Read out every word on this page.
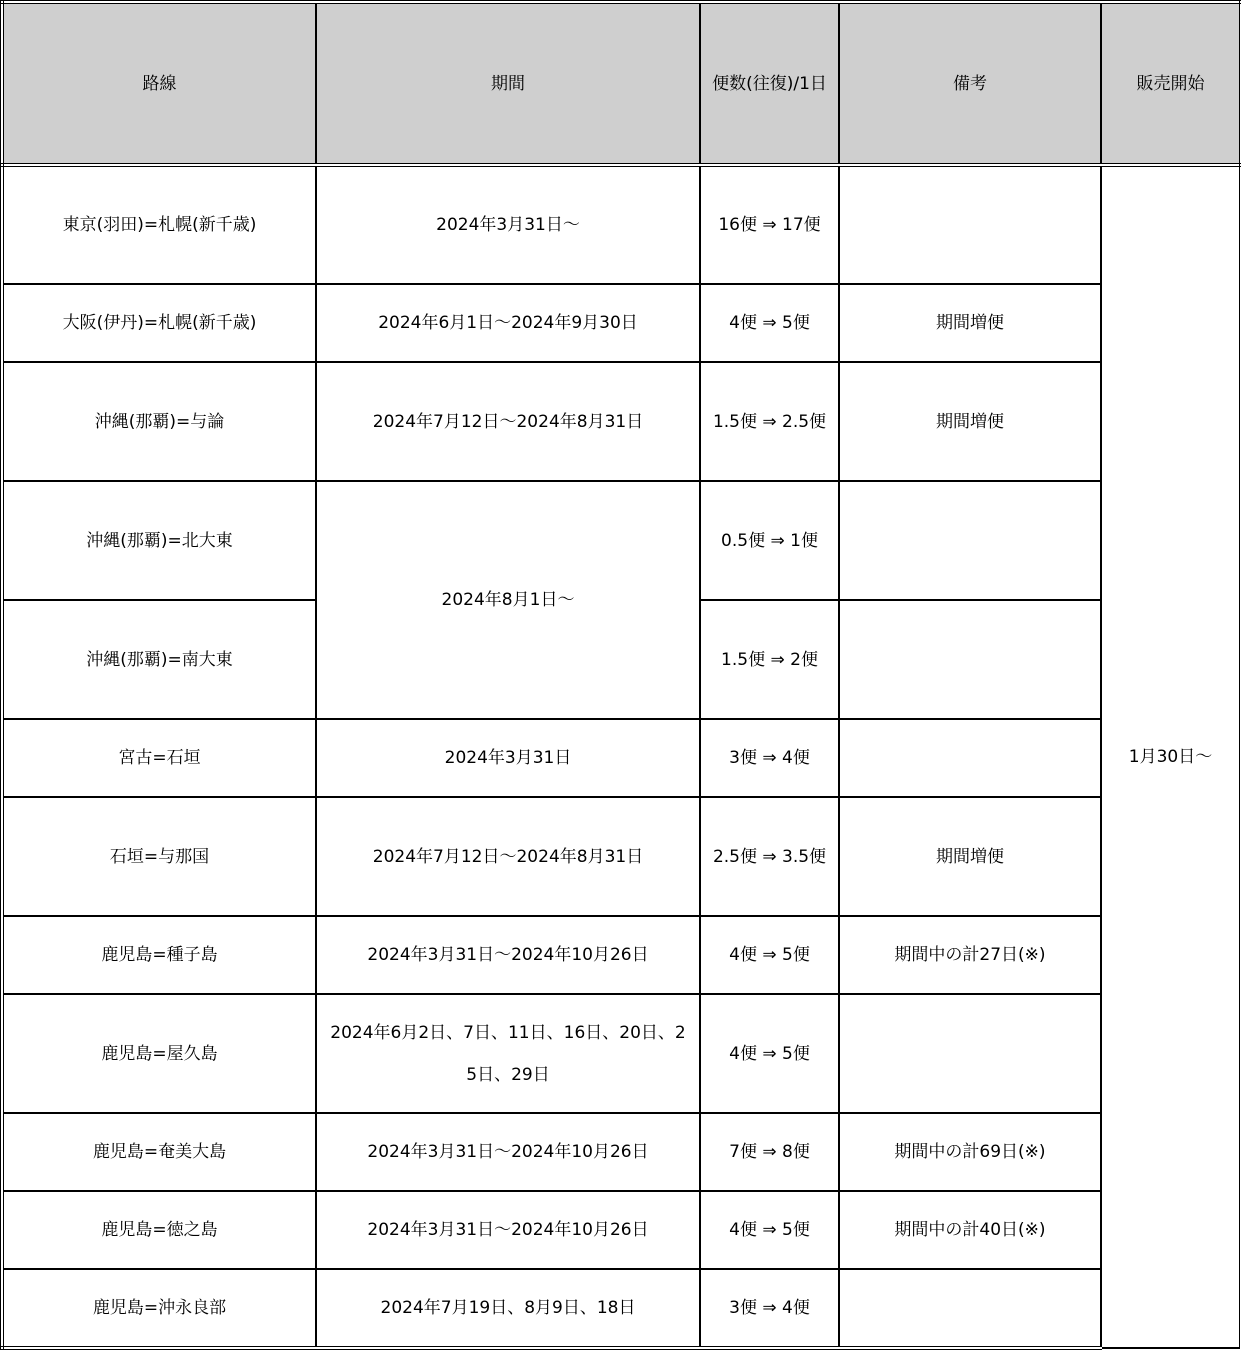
路線	期間	便数(往復)/1日	備考	販売開始
東京(羽田)=札幌(新千歳)	2024年3月31日〜	16便 ⇒ 17便		1月30日〜
大阪(伊丹)=札幌(新千歳)	2024年6月1日〜2024年9月30日	4便 ⇒ 5便	期間増便	
沖縄(那覇)=与論	2024年7月12日〜2024年8月31日	1.5便 ⇒ 2.5便	期間増便	
沖縄(那覇)=北大東	2024年8月1日〜	0.5便 ⇒ 1便		
沖縄(那覇)=南大東		1.5便 ⇒ 2便		
宮古=石垣	2024年3月31日	3便 ⇒ 4便		
石垣=与那国	2024年7月12日〜2024年8月31日	2.5便 ⇒ 3.5便	期間増便	
鹿児島=種子島	2024年3月31日〜2024年10月26日	4便 ⇒ 5便	期間中の計27日(※)	
鹿児島=屋久島	2024年6月2日、7日、11日、16日、20日、25日、29日	4便 ⇒ 5便		
鹿児島=奄美大島	2024年3月31日〜2024年10月26日	7便 ⇒ 8便	期間中の計69日(※)	
鹿児島=徳之島	2024年3月31日〜2024年10月26日	4便 ⇒ 5便	期間中の計40日(※)	
鹿児島=沖永良部	2024年7月19日、8月9日、18日	3便 ⇒ 4便		
